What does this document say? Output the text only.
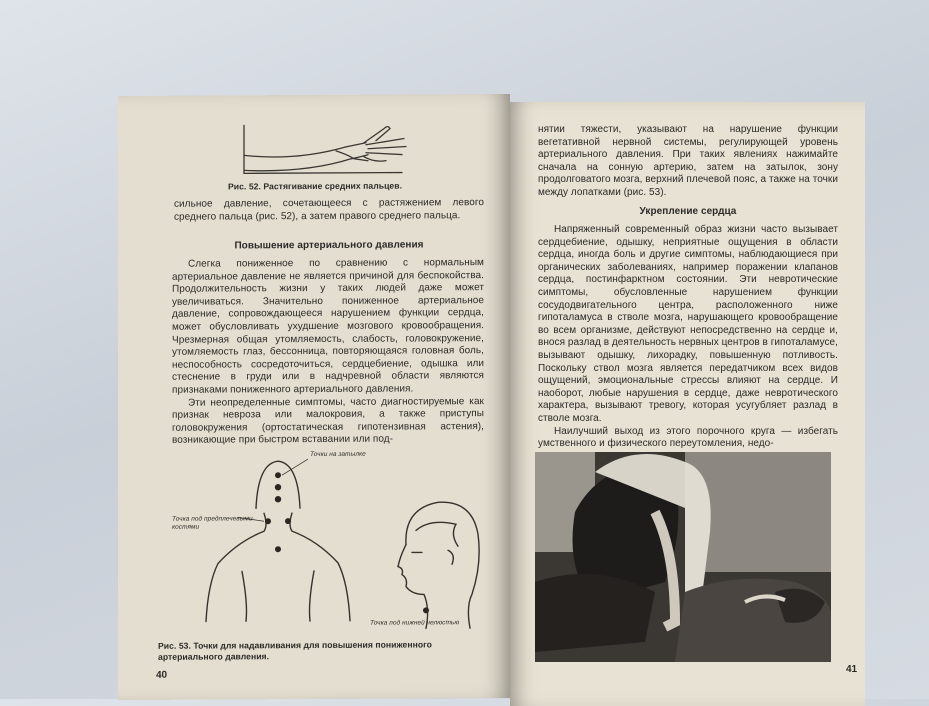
Рис. 52. Растягивание средних пальцев.

сильное давление, сочетающееся с растяжением левого среднего пальца (рис. 52), а затем правого среднего пальца.

Повышение артериального давления

Слегка пониженное по сравнению с нормальным артериальное давление не является причиной для беспокойства. Продолжительность жизни у таких людей даже может увеличиваться. Значительно пониженное артериальное давление, сопровождающееся нарушением функции сердца, может обусловливать ухудшение мозгового кровообращения. Чрезмерная общая утомляемость, слабость, головокружение, утомляемость глаз, бессонница, повторяющаяся головная боль, неспособность сосредоточиться, сердцебиение, одышка или стеснение в груди или в надчревной области являются признаками пониженного артериального давления.

Эти неопределенные симптомы, часто диагностируемые как признак невроза или малокровия, а также приступы головокружения (ортостатическая гипотензивная астения), возникающие при быстром вставании или под-

Точки на затылке
Точка под предплечевыми костями
Точка под нижней челюстью
Рис. 53. Точки для надавливания для повышения пониженного артериального давления.
40

нятии тяжести, указывают на нарушение функции вегетативной нервной системы, регулирующей уровень артериального давления. При таких явлениях нажимайте сначала на сонную артерию, затем на затылок, зону продолговатого мозга, верхний плечевой пояс, а также на точки между лопатками (рис. 53).

Укрепление сердца

Напряженный современный образ жизни часто вызывает сердцебиение, одышку, неприятные ощущения в области сердца, иногда боль и другие симптомы, наблюдающиеся при органических заболеваниях, например поражении клапанов сердца, постинфарктном состоянии. Эти невротические симптомы, обусловленные нарушением функции сосудодвигательного центра, расположенного ниже гипоталамуса в стволе мозга, нарушающего кровообращение во всем организме, действуют непосредственно на сердце и, внося разлад в деятельность нервных центров в гипоталамусе, вызывают одышку, лихорадку, повышенную потливость. Поскольку ствол мозга является передатчиком всех видов ощущений, эмоциональные стрессы влияют на сердце. И наоборот, любые нарушения в сердце, даже невротического характера, вызывают тревогу, которая усугубляет разлад в стволе мозга.

Наилучший выход из этого порочного круга — избегать умственного и физического переутомления, недо-

41
